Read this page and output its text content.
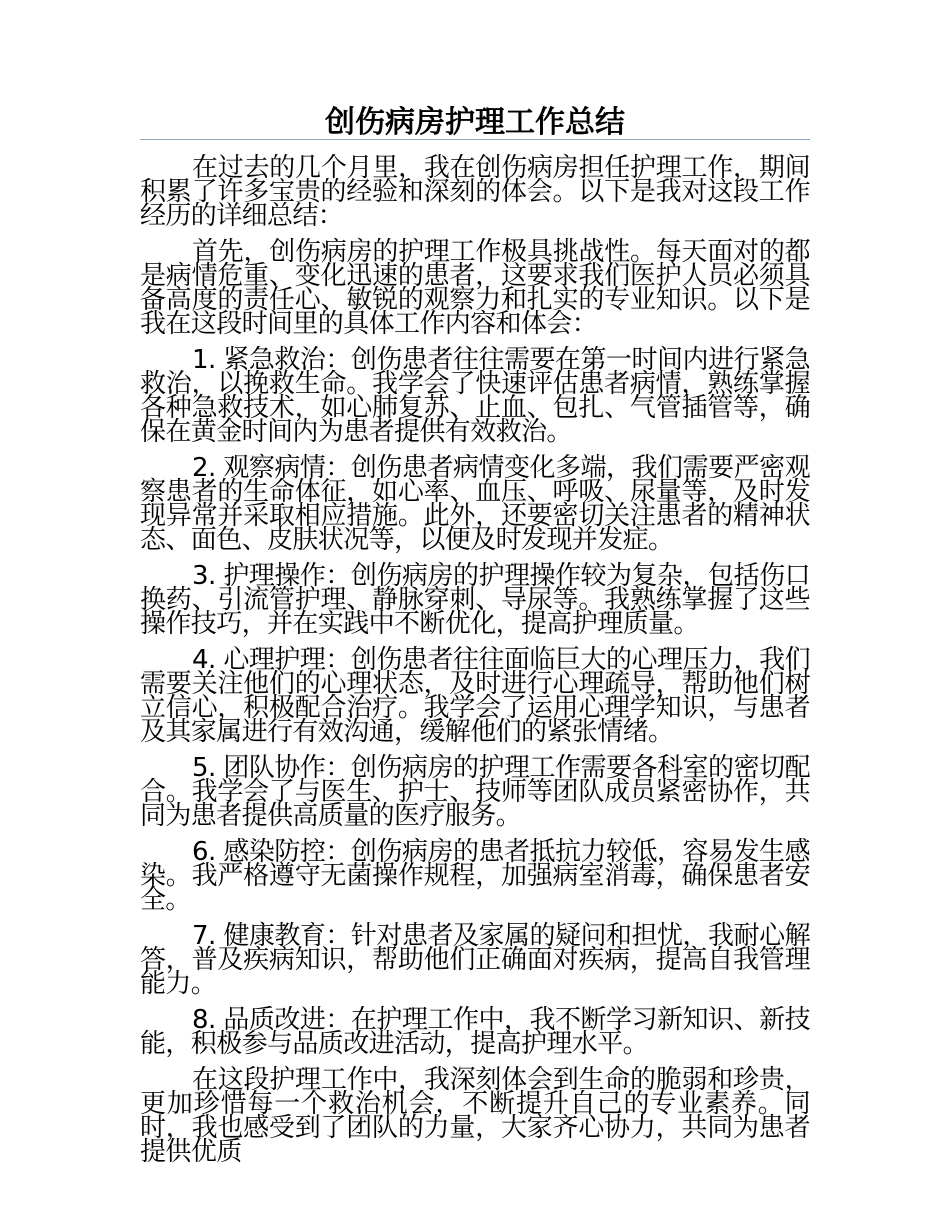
创伤病房护理工作总结

在过去的几个月里，我在创伤病房担任护理工作，期间积累了许多宝贵的经验和深刻的体会。以下是我对这段工作经历的详细总结：

首先，创伤病房的护理工作极具挑战性。每天面对的都是病情危重、变化迅速的患者，这要求我们医护人员必须具备高度的责任心、敏锐的观察力和扎实的专业知识。以下是我在这段时间里的具体工作内容和体会：

1. 紧急救治：创伤患者往往需要在第一时间内进行紧急救治，以挽救生命。我学会了快速评估患者病情，熟练掌握各种急救技术，如心肺复苏、止血、包扎、气管插管等，确保在黄金时间内为患者提供有效救治。

2. 观察病情：创伤患者病情变化多端，我们需要严密观察患者的生命体征，如心率、血压、呼吸、尿量等，及时发现异常并采取相应措施。此外，还要密切关注患者的精神状态、面色、皮肤状况等，以便及时发现并发症。

3. 护理操作：创伤病房的护理操作较为复杂，包括伤口换药、引流管护理、静脉穿刺、导尿等。我熟练掌握了这些操作技巧，并在实践中不断优化，提高护理质量。

4. 心理护理：创伤患者往往面临巨大的心理压力，我们需要关注他们的心理状态，及时进行心理疏导，帮助他们树立信心，积极配合治疗。我学会了运用心理学知识，与患者及其家属进行有效沟通，缓解他们的紧张情绪。

5. 团队协作：创伤病房的护理工作需要各科室的密切配合。我学会了与医生、护士、技师等团队成员紧密协作，共同为患者提供高质量的医疗服务。

6. 感染防控：创伤病房的患者抵抗力较低，容易发生感染。我严格遵守无菌操作规程，加强病室消毒，确保患者安全。

7. 健康教育：针对患者及家属的疑问和担忧，我耐心解答，普及疾病知识，帮助他们正确面对疾病，提高自我管理能力。

8. 品质改进：在护理工作中，我不断学习新知识、新技能，积极参与品质改进活动，提高护理水平。

在这段护理工作中，我深刻体会到生命的脆弱和珍贵，更加珍惜每一个救治机会，不断提升自己的专业素养。同时，我也感受到了团队的力量，大家齐心协力，共同为患者提供优质
